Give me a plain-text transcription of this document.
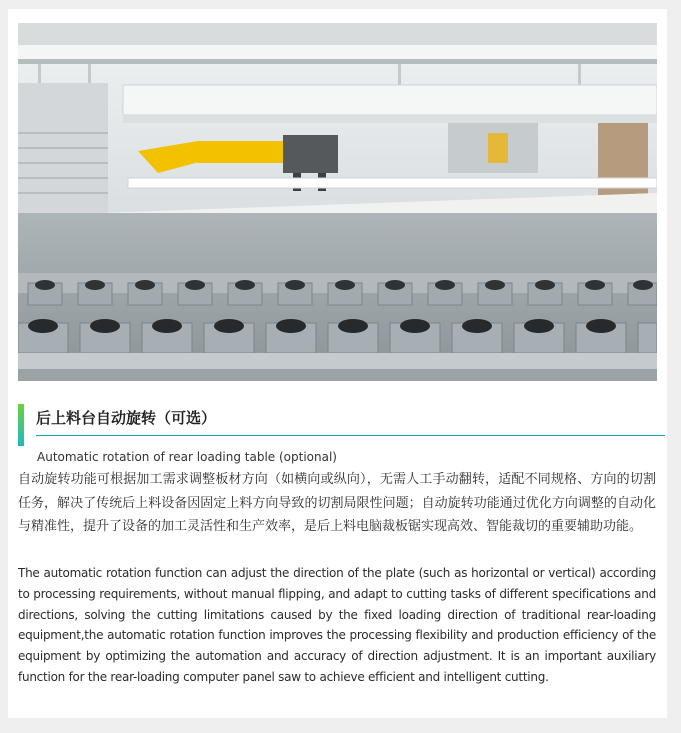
后上料台自动旋转（可选）
Automatic rotation of rear loading table (optional)

自动旋转功能可根据加工需求调整板材方向（如横向或纵向），无需人工手动翻转，适配不同规格、方向的切割任务，解决了传统后上料设备因固定上料方向导致的切割局限性问题；自动旋转功能通过优化方向调整的自动化与精准性，提升了设备的加工灵活性和生产效率，是后上料电脑裁板锯实现高效、智能裁切的重要辅助功能。

The automatic rotation function can adjust the direction of the plate (such as horizontal or vertical) according to processing requirements, without manual flipping, and adapt to cutting tasks of different specifications and directions, solving the cutting limitations caused by the fixed loading direction of traditional rear-loading equipment,the automatic rotation function improves the processing flexibility and production efficiency of the equipment by optimizing the automation and accuracy of direction adjustment. It is an important auxiliary function for the rear-loading computer panel saw to achieve efficient and intelligent cutting.
